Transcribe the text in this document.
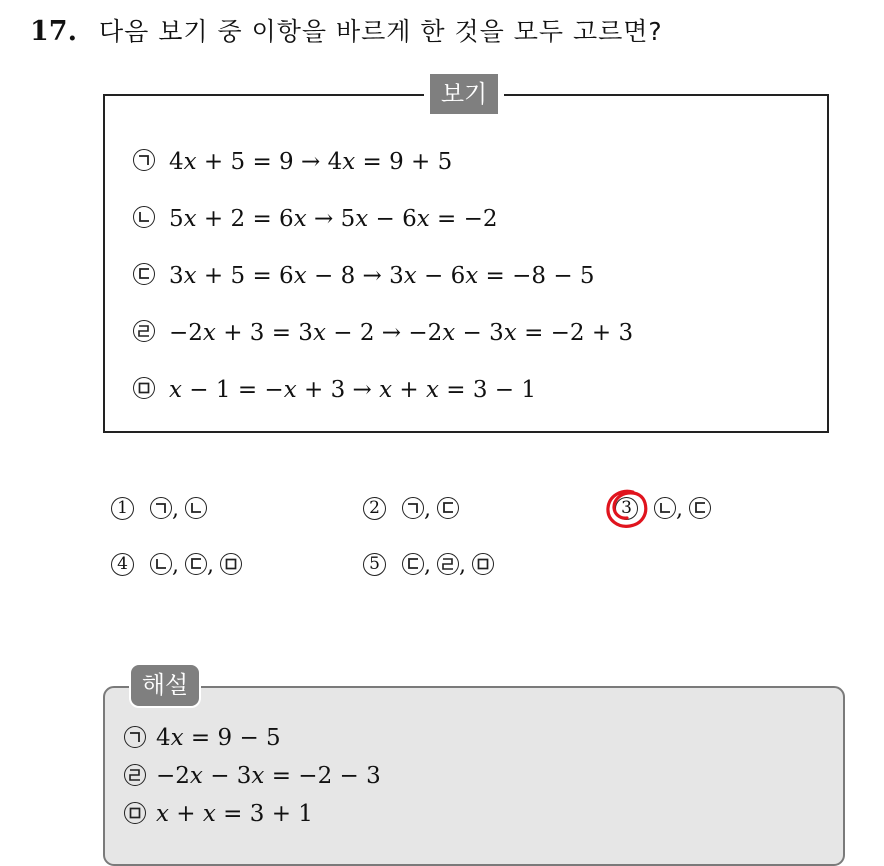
17. 다음 보기 중 이항을 바르게 한 것을 모두 고르면?
보기
4x + 5 = 9 → 4x = 9 + 5
5x + 2 = 6x → 5x − 6x = −2
3x + 5 = 6x − 8 → 3x − 6x = −8 − 5
−2x + 3 = 3x − 2 → −2x − 3x = −2 + 3
x − 1 = −x + 3 → x + x = 3 − 1
1 ,	2 ,	3 ,
4 , ,	5 , ,
해설
4x = 9 − 5
−2x − 3x = −2 − 3
x + x = 3 + 1
